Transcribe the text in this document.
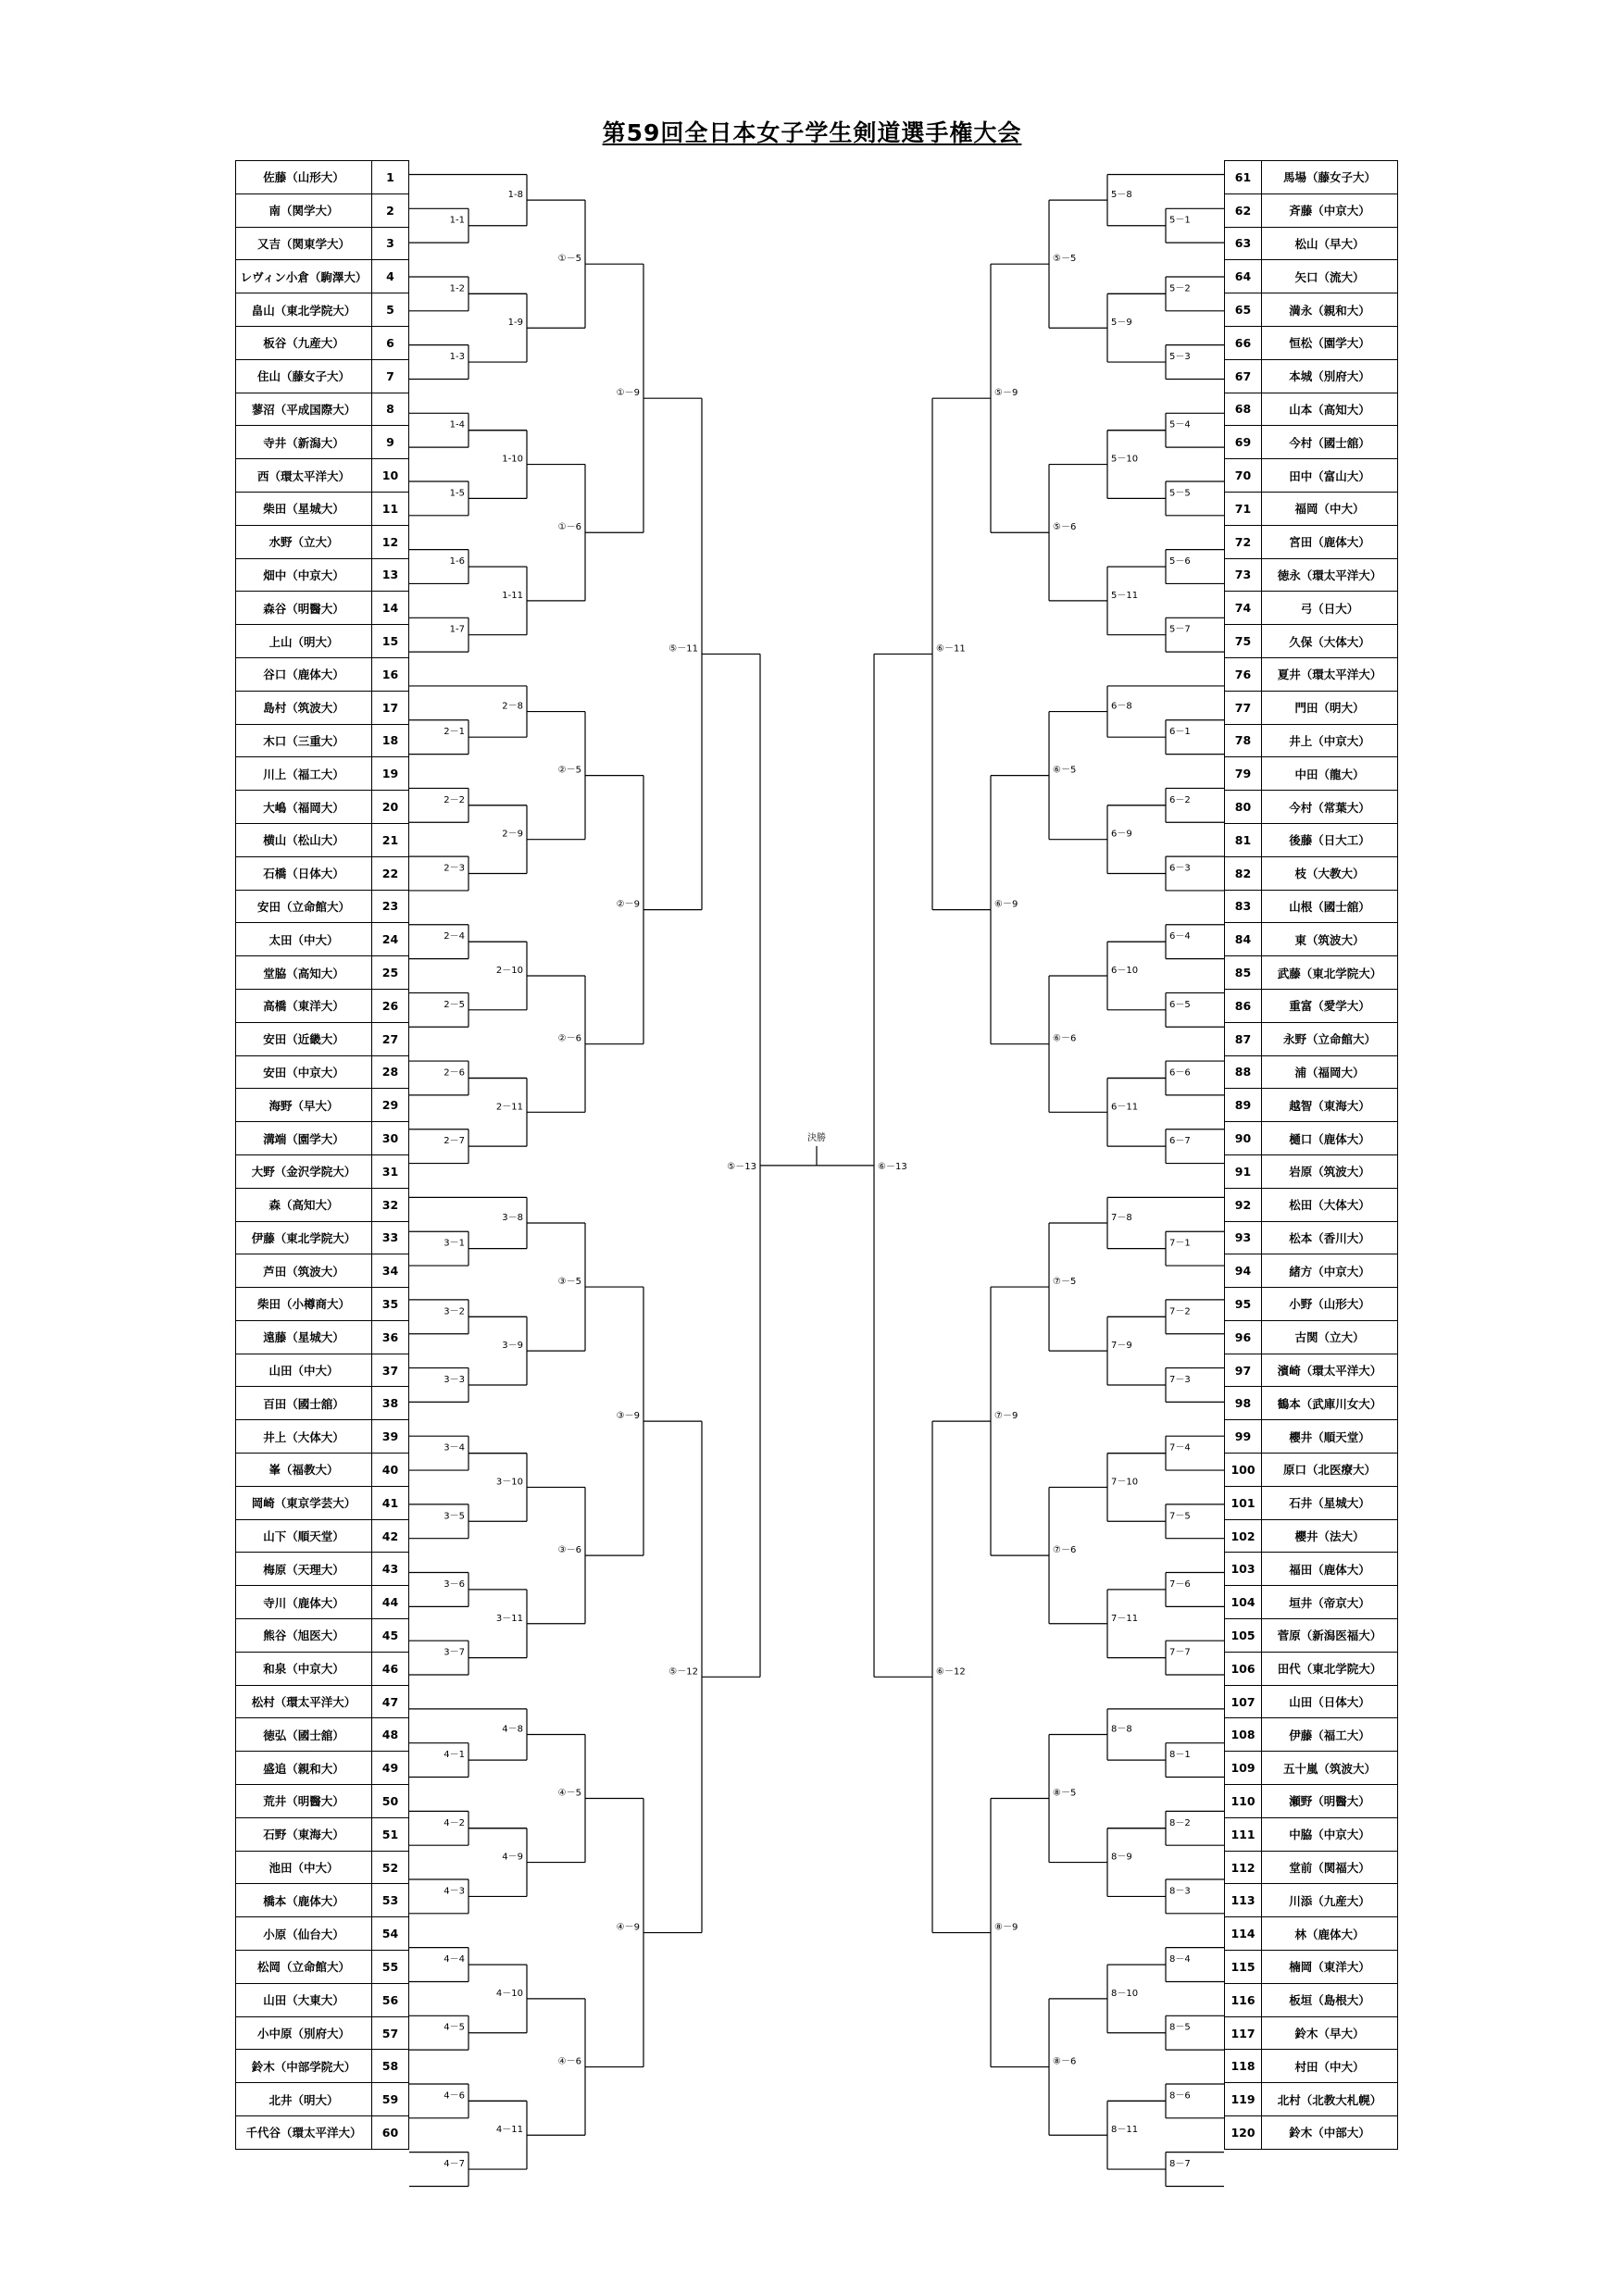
第59回全日本女子学生剣道選手権大会
佐藤（山形大）	1
南（関学大）	2
又吉（関東学大）	3
レヴィン小倉（駒澤大）	4
畠山（東北学院大）	5
板谷（九産大）	6
住山（藤女子大）	7
蓼沼（平成国際大）	8
寺井（新潟大）	9
西（環太平洋大）	10
柴田（星城大）	11
水野（立大）	12
畑中（中京大）	13
森谷（明醫大）	14
上山（明大）	15
谷口（鹿体大）	16
島村（筑波大）	17
木口（三重大）	18
川上（福工大）	19
大嶋（福岡大）	20
横山（松山大）	21
石橋（日体大）	22
安田（立命館大）	23
太田（中大）	24
堂脇（高知大）	25
高橋（東洋大）	26
安田（近畿大）	27
安田（中京大）	28
海野（早大）	29
溝端（園学大）	30
大野（金沢学院大）	31
森（高知大）	32
伊藤（東北学院大）	33
芦田（筑波大）	34
柴田（小樽商大）	35
遠藤（星城大）	36
山田（中大）	37
百田（國士舘）	38
井上（大体大）	39
峯（福教大）	40
岡崎（東京学芸大）	41
山下（順天堂）	42
梅原（天理大）	43
寺川（鹿体大）	44
熊谷（旭医大）	45
和泉（中京大）	46
松村（環太平洋大）	47
徳弘（國士舘）	48
盛追（親和大）	49
荒井（明醫大）	50
石野（東海大）	51
池田（中大）	52
橋本（鹿体大）	53
小原（仙台大）	54
松岡（立命館大）	55
山田（大東大）	56
小中原（別府大）	57
鈴木（中部学院大）	58
北井（明大）	59
千代谷（環太平洋大）	60
61	馬場（藤女子大）
62	斉藤（中京大）
63	松山（早大）
64	矢口（流大）
65	満永（親和大）
66	恒松（園学大）
67	本城（別府大）
68	山本（高知大）
69	今村（國士舘）
70	田中（富山大）
71	福岡（中大）
72	宮田（鹿体大）
73	徳永（環太平洋大）
74	弓（日大）
75	久保（大体大）
76	夏井（環太平洋大）
77	門田（明大）
78	井上（中京大）
79	中田（龍大）
80	今村（常葉大）
81	後藤（日大工）
82	枝（大教大）
83	山根（國士舘）
84	東（筑波大）
85	武藤（東北学院大）
86	重富（愛学大）
87	永野（立命館大）
88	浦（福岡大）
89	越智（東海大）
90	樋口（鹿体大）
91	岩原（筑波大）
92	松田（大体大）
93	松本（香川大）
94	緒方（中京大）
95	小野（山形大）
96	古関（立大）
97	濱崎（環太平洋大）
98	鶴本（武庫川女大）
99	櫻井（順天堂）
100	原口（北医療大）
101	石井（星城大）
102	櫻井（法大）
103	福田（鹿体大）
104	垣井（帝京大）
105	菅原（新潟医福大）
106	田代（東北学院大）
107	山田（日体大）
108	伊藤（福工大）
109	五十嵐（筑波大）
110	瀬野（明醫大）
111	中脇（中京大）
112	堂前（関福大）
113	川添（九産大）
114	林（鹿体大）
115	楠岡（東洋大）
116	板垣（島根大）
117	鈴木（早大）
118	村田（中大）
119	北村（北教大札幌）
120	鈴木（中部大）
1-1
1-2
1-3
1-4
1-5
1-6
1-7
1-8
1-9
1-10
1-11
①－5
①－6
①－9
2－1
2－2
2－3
2－4
2－5
2－6
2－7
2－8
2－9
2－10
2－11
②－5
②－6
②－9
3－1
3－2
3－3
3－4
3－5
3－6
3－7
3－8
3－9
3－10
3－11
③－5
③－6
③－9
4－1
4－2
4－3
4－4
4－5
4－6
4－7
4－8
4－9
4－10
4－11
④－5
④－6
④－9
⑤－11
⑤－12
⑤－13
5－1
5－2
5－3
5－4
5－5
5－6
5－7
5－8
5－9
5－10
5－11
⑤－5
⑤－6
⑤－9
6－1
6－2
6－3
6－4
6－5
6－6
6－7
6－8
6－9
6－10
6－11
⑥－5
⑥－6
⑥－9
7－1
7－2
7－3
7－4
7－5
7－6
7－7
7－8
7－9
7－10
7－11
⑦－5
⑦－6
⑦－9
8－1
8－2
8－3
8－4
8－5
8－6
8－7
8－8
8－9
8－10
8－11
⑧－5
⑧－6
⑧－9
⑥－11
⑥－12
⑥－13
決勝
